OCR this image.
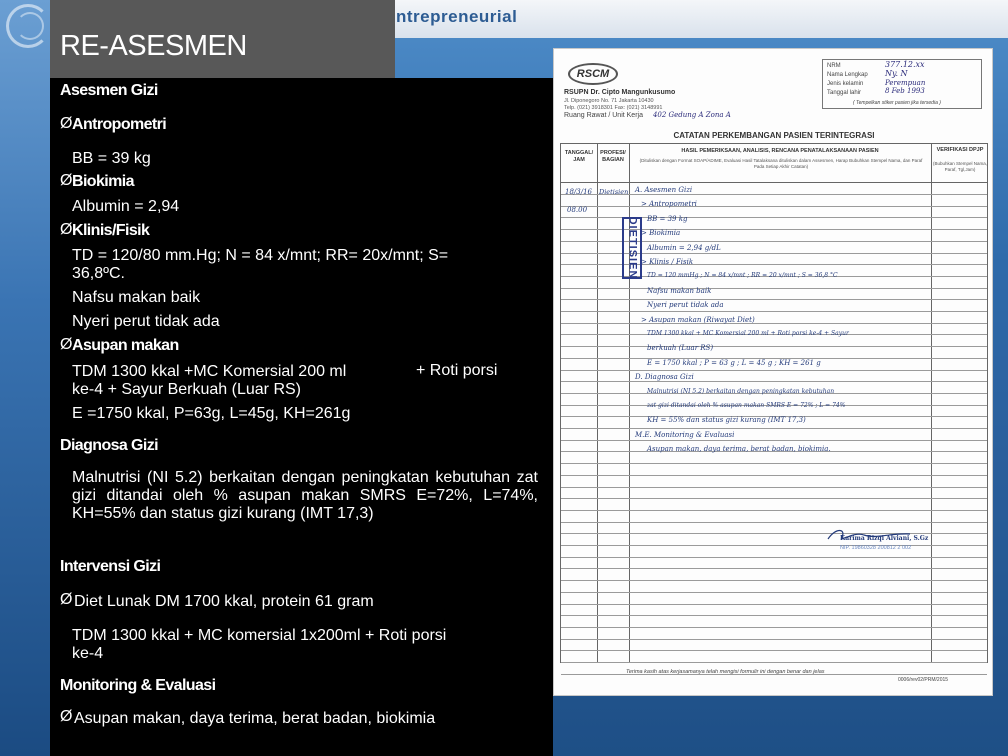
ntrepreneurial
RE-ASESMEN
Asesmen Gizi
Ø Antropometri
BB = 39 kg
Ø Biokimia
Albumin = 2,94
Ø Klinis/Fisik
TD = 120/80 mm.Hg; N = 84 x/mnt; RR= 20x/mnt; S=
36,8ºC.
Nafsu makan baik
Nyeri perut tidak ada
Ø Asupan makan
TDM 1300 kkal +MC Komersial 200 ml	+ Roti porsi
ke-4 + Sayur Berkuah (Luar RS)
E =1750 kkal, P=63g, L=45g, KH=261g
Diagnosa Gizi
Malnutrisi (NI 5.2) berkaitan dengan peningkatan kebutuhan zat gizi ditandai oleh % asupan makan SMRS E=72%, L=74%, KH=55% dan status gizi kurang (IMT 17,3)
Intervensi Gizi
Ø Diet Lunak DM 1700 kkal, protein 61 gram
TDM 1300 kkal + MC komersial 1x200ml + Roti porsi
ke-4
Monitoring & Evaluasi
Ø Asupan makan, daya terima, berat badan, biokimia
RSCM
RSUPN Dr. Cipto Mangunkusumo
Jl. Diponegoro No. 71 Jakarta 10430
Telp. (021) 3918301 Fax: (021) 3148991
NRM	377.12.xx
Nama Lengkap Ny. N
Jenis kelamin	Perempuan
Tanggal lahir	8 Feb 1993
( Tempelkan stiker pasien jika tersedia )
Ruang Rawat / Unit Kerja 402 Gedung A Zona A
CATATAN PERKEMBANGAN PASIEN TERINTEGRASI
TANGGAL/ JAM
PROFESI/ BAGIAN
HASIL PEMERIKSAAN, ANALISIS, RENCANA PENATALAKSANAAN PASIEN
(Dituliskan dengan Format SOAP/ADIME, Evaluasi Hasil Tatalaksana dituliskan dalam Assesmen, Harap Bubuhkan Stempel Nama, dan Paraf Pada Setiap Akhir Catatan)
VERIFIKASI DPJP
(Bubuhkan Stempel Nama, Paraf, Tgl,Jam)
18/3/16
08.00
Dietisien A. Asesmen Gizi
> Antropometri
BB = 39 kg
> Biokimia
Albumin = 2,94 g/dL
> Klinis / Fisik
TD = 120 mmHg ; N = 84 x/mnt ; RR = 20 x/mnt ; S = 36,8 °C
Nafsu makan baik
Nyeri perut tidak ada
> Asupan makan (Riwayat Diet)
TDM 1300 kkal + MC Komersial 200 ml + Roti porsi ke-4 + Sayur
berkuah (Luar RS)
E = 1750 kkal ; P = 63 g ; L = 45 g ; KH = 261 g
D. Diagnosa Gizi
Malnutrisi (NI 5.2) berkaitan dengan peningkatan kebutuhan
zat gizi ditandai oleh % asupan makan SMRS E = 72% ; L = 74%
KH = 55% dan status gizi kurang (IMT 17,3)
M.E. Monitoring & Evaluasi
Asupan makan, daya terima, berat badan, biokimia.
DIETISIEN
Karima Rizqi Alviani, S.Gz
NIP. 19860328 200812 2 002
Terima kasih atas kerjasamanya telah mengisi formulir ini dengan benar dan jelas
0006/rev02/PRM/2015
